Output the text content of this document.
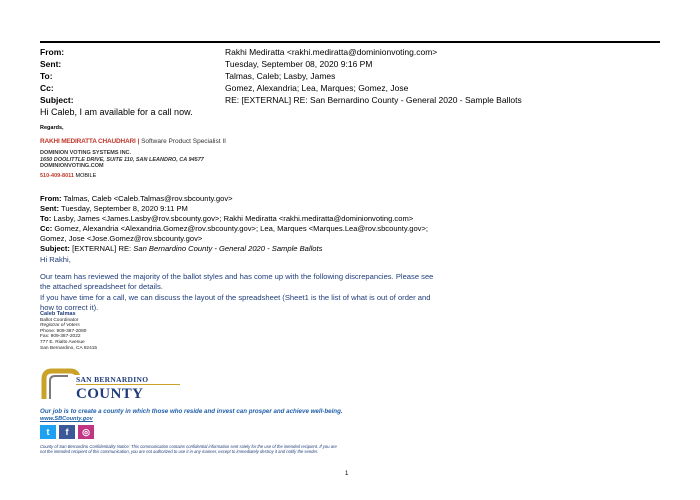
From:	Rakhi Mediratta <rakhi.mediratta@dominionvoting.com>
Sent:	Tuesday, September 08, 2020 9:16 PM
To:	Talmas, Caleb; Lasby, James
Cc:	Gomez, Alexandria; Lea, Marques; Gomez, Jose
Subject:	RE: [EXTERNAL] RE: San Bernardino County - General 2020 - Sample Ballots
Hi Caleb, I am available for a call now.
Regards,
RAKHI MEDIRATTA CHAUDHARI | Software Product Specialist II
DOMINION VOTING SYSTEMS INC.
1650 DOOLITTLE DRIVE, SUITE 110, SAN LEANDRO, CA 94577
DOMINIONVOTING.COM
510-409-8011 MOBILE
From: Talmas, Caleb <Caleb.Talmas@rov.sbcounty.gov>
Sent: Tuesday, September 8, 2020 9:11 PM
To: Lasby, James <James.Lasby@rov.sbcounty.gov>; Rakhi Mediratta <rakhi.mediratta@dominionvoting.com>
Cc: Gomez, Alexandria <Alexandria.Gomez@rov.sbcounty.gov>; Lea, Marques <Marques.Lea@rov.sbcounty.gov>;
Gomez, Jose <Jose.Gomez@rov.sbcounty.gov>
Subject: [EXTERNAL] RE: San Bernardino County - General 2020 - Sample Ballots
Hi Rakhi,
Our team has reviewed the majority of the ballot styles and has come up with the following discrepancies. Please see
the attached spreadsheet for details.
If you have time for a call, we can discuss the layout of the spreadsheet (Sheet1 is the list of what is out of order and
how to correct it).
Caleb Talmas
Ballot Coordinator
Registrar of Voters
Phone: 909-387-2080
Fax: 909-387-2022
777 E. Rialto Avenue
San Bernardino, CA 92415
SAN BERNARDINO
COUNTY
Our job is to create a county in which those who reside and invest can prosper and achieve well-being.
www.SBCounty.gov
t	f	◎
County of San Bernardino Confidentiality Notice: This communication contains confidential information sent solely for the use of the intended recipient. If you are
not the intended recipient of this communication, you are not authorized to use it in any manner, except to immediately destroy it and notify the sender.
1
